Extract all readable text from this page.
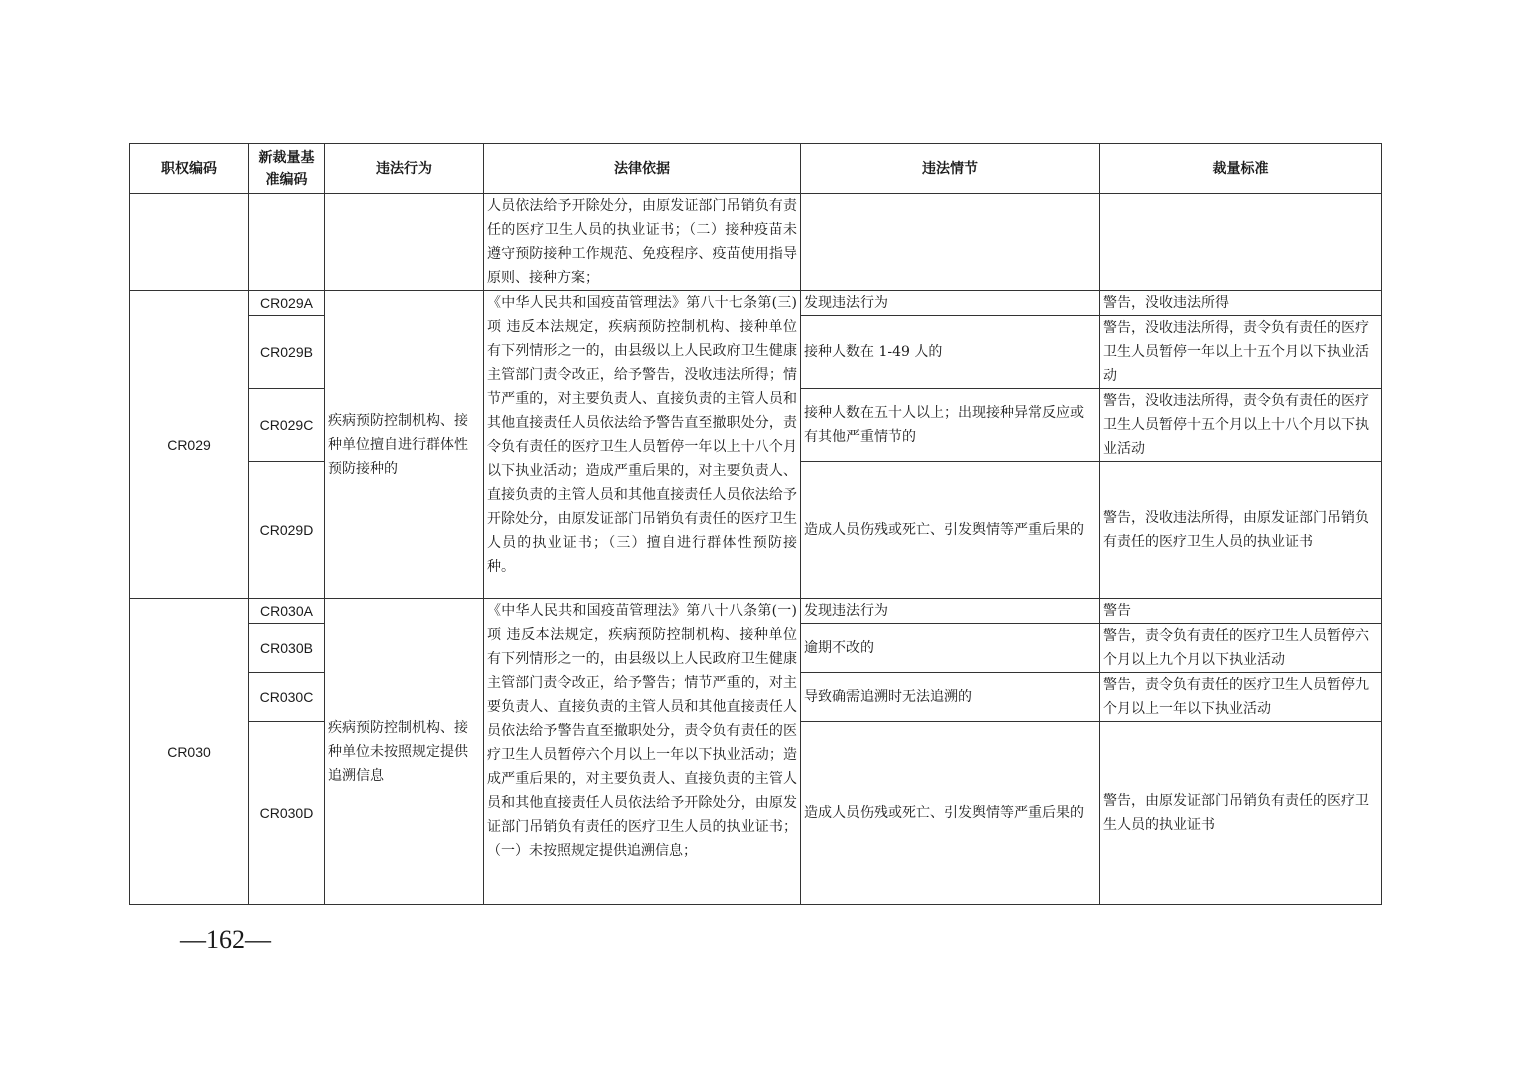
职权编码	新裁量基准编码	违法行为	法律依据	违法情节	裁量标准
			人员依法给予开除处分，由原发证部门吊销负有责任的医疗卫生人员的执业证书；（二）接种疫苗未遵守预防接种工作规范、免疫程序、疫苗使用指导原则、接种方案；		
CR029	CR029A	疾病预防控制机构、接种单位擅自进行群体性预防接种的	《中华人民共和国疫苗管理法》第八十七条第(三)项 违反本法规定，疾病预防控制机构、接种单位有下列情形之一的，由县级以上人民政府卫生健康主管部门责令改正，给予警告，没收违法所得；情节严重的，对主要负责人、直接负责的主管人员和其他直接责任人员依法给予警告直至撤职处分，责令负有责任的医疗卫生人员暂停一年以上十八个月以下执业活动；造成严重后果的，对主要负责人、直接负责的主管人员和其他直接责任人员依法给予开除处分，由原发证部门吊销负有责任的医疗卫生人员的执业证书；（三）擅自进行群体性预防接种。	发现违法行为	警告，没收违法所得
	CR029B			接种人数在 1-49 人的	警告，没收违法所得，责令负有责任的医疗卫生人员暂停一年以上十五个月以下执业活动
	CR029C			接种人数在五十人以上；出现接种异常反应或有其他严重情节的	警告，没收违法所得，责令负有责任的医疗卫生人员暂停十五个月以上十八个月以下执业活动
	CR029D			造成人员伤残或死亡、引发舆情等严重后果的	警告，没收违法所得，由原发证部门吊销负有责任的医疗卫生人员的执业证书
CR030	CR030A	疾病预防控制机构、接种单位未按照规定提供追溯信息	《中华人民共和国疫苗管理法》第八十八条第(一)项 违反本法规定，疾病预防控制机构、接种单位有下列情形之一的，由县级以上人民政府卫生健康主管部门责令改正，给予警告；情节严重的，对主要负责人、直接负责的主管人员和其他直接责任人员依法给予警告直至撤职处分，责令负有责任的医疗卫生人员暂停六个月以上一年以下执业活动；造成严重后果的，对主要负责人、直接负责的主管人员和其他直接责任人员依法给予开除处分，由原发证部门吊销负有责任的医疗卫生人员的执业证书；（一）未按照规定提供追溯信息；	发现违法行为	警告
	CR030B			逾期不改的	警告，责令负有责任的医疗卫生人员暂停六个月以上九个月以下执业活动
	CR030C			导致确需追溯时无法追溯的	警告，责令负有责任的医疗卫生人员暂停九个月以上一年以下执业活动
	CR030D			造成人员伤残或死亡、引发舆情等严重后果的	警告，由原发证部门吊销负有责任的医疗卫生人员的执业证书
—162—
